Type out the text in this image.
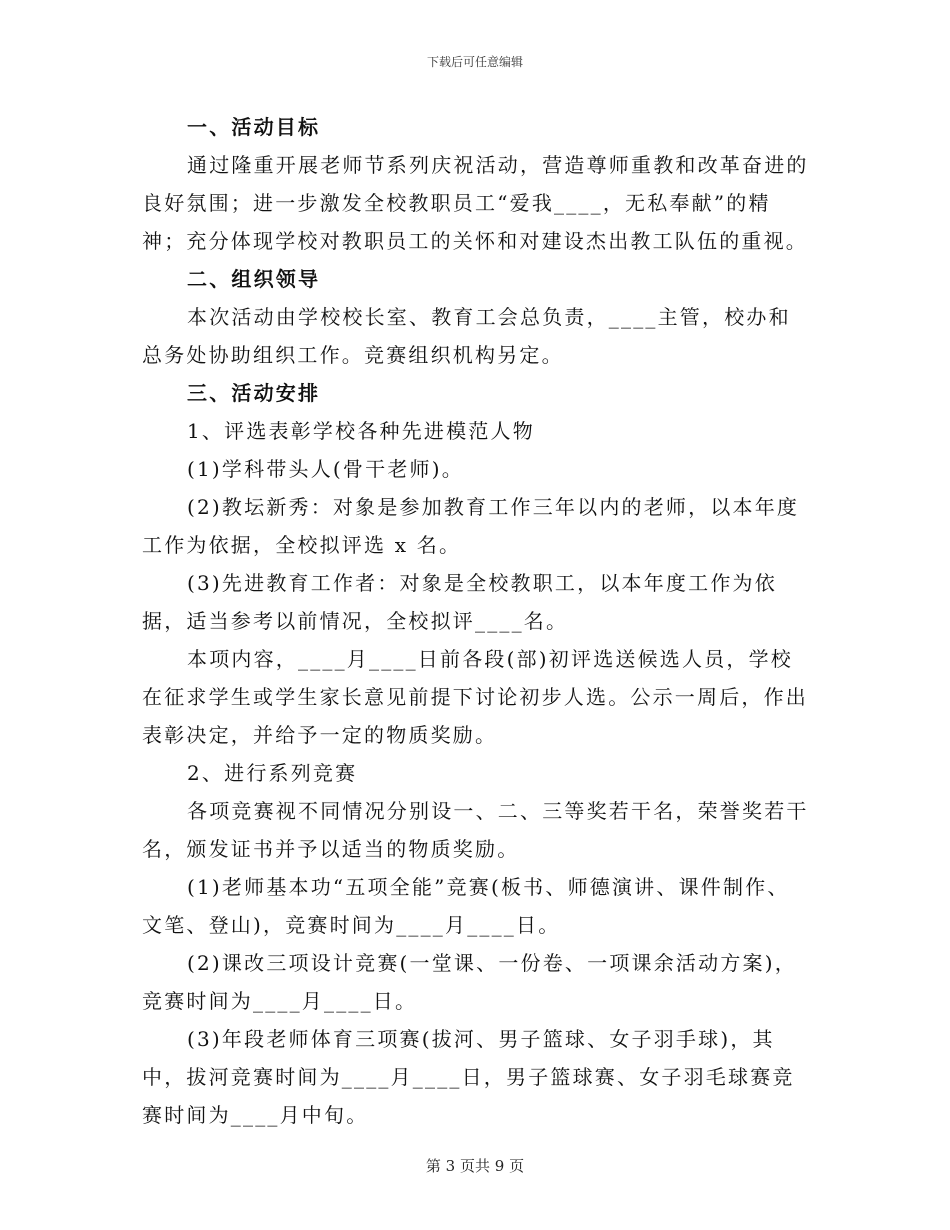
下载后可任意编辑

一、活动目标

通过隆重开展老师节系列庆祝活动，营造尊师重教和改革奋进的良好氛围；进一步激发全校教职员工“爱我____，无私奉献”的精神；充分体现学校对教职员工的关怀和对建设杰出教工队伍的重视。

二、组织领导

本次活动由学校校长室、教育工会总负责，____主管，校办和总务处协助组织工作。竞赛组织机构另定。

三、活动安排

1、评选表彰学校各种先进模范人物

(1)学科带头人(骨干老师)。

(2)教坛新秀：对象是参加教育工作三年以内的老师，以本年度工作为依据，全校拟评选 x 名。

(3)先进教育工作者：对象是全校教职工，以本年度工作为依据，适当参考以前情况，全校拟评____名。

本项内容，____月____日前各段(部)初评选送候选人员，学校在征求学生或学生家长意见前提下讨论初步人选。公示一周后，作出表彰决定，并给予一定的物质奖励。

2、进行系列竞赛

各项竞赛视不同情况分别设一、二、三等奖若干名，荣誉奖若干名，颁发证书并予以适当的物质奖励。

(1)老师基本功“五项全能”竞赛(板书、师德演讲、课件制作、文笔、登山)，竞赛时间为____月____日。

(2)课改三项设计竞赛(一堂课、一份卷、一项课余活动方案)，竞赛时间为____月____日。

(3)年段老师体育三项赛(拔河、男子篮球、女子羽手球)，其中，拔河竞赛时间为____月____日，男子篮球赛、女子羽毛球赛竞赛时间为____月中旬。

第 3 页共 9 页
